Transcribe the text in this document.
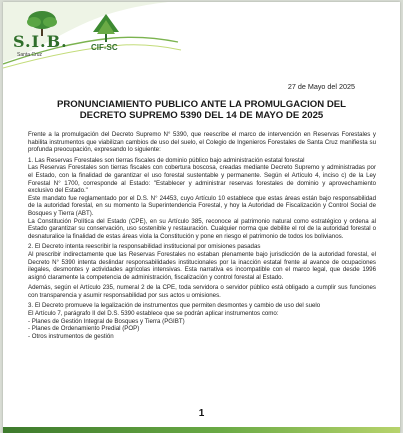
S.I.B.
Santa Cruz
CIF-SC
27 de Mayo del 2025
PRONUNCIAMIENTO PUBLICO ANTE LA PROMULGACION DEL
DECRETO SUPREMO 5390 DEL 14 DE MAYO DE 2025

Frente a la promulgación del Decreto Supremo N° 5390, que reescribe el marco de intervención en Reservas Forestales y habilita instrumentos que viabilizan cambios de uso del suelo, el Colegio de Ingenieros Forestales de Santa Cruz manifiesta su profunda preocupación, expresando lo siguiente:

1. Las Reservas Forestales son tierras fiscales de dominio público bajo administración estatal forestal

Las Reservas Forestales son tierras fiscales con cobertura boscosa, creadas mediante Decreto Supremo y administradas por el Estado, con la finalidad de garantizar el uso forestal sustentable y permanente. Según el Artículo 4, inciso c) de la Ley Forestal N° 1700, corresponde al Estado: "Establecer y administrar reservas forestales de dominio y aprovechamiento exclusivo del Estado."

Este mandato fue reglamentado por el D.S. N° 24453, cuyo Artículo 10 establece que estas áreas están bajo responsabilidad de la autoridad forestal, en su momento la Superintendencia Forestal, y hoy la Autoridad de Fiscalización y Control Social de Bosques y Tierra (ABT).

La Constitución Política del Estado (CPE), en su Artículo 385, reconoce al patrimonio natural como estratégico y ordena al Estado garantizar su conservación, uso sostenible y restauración. Cualquier norma que debilite el rol de la autoridad forestal o desnaturalice la finalidad de estas áreas viola la Constitución y pone en riesgo el patrimonio de todos los bolivianos.

2. El Decreto intenta reescribir la responsabilidad institucional por omisiones pasadas

Al prescribir indirectamente que las Reservas Forestales no estaban plenamente bajo jurisdicción de la autoridad forestal, el Decreto N° 5390 intenta deslindar responsabilidades institucionales por la inacción estatal frente al avance de ocupaciones ilegales, desmontes y actividades agrícolas intensivas. Esta narrativa es incompatible con el marco legal, que desde 1996 asignó claramente la competencia de administración, fiscalización y control forestal al Estado.

Además, según el Artículo 235, numeral 2 de la CPE, toda servidora o servidor público está obligado a cumplir sus funciones con transparencia y asumir responsabilidad por sus actos u omisiones.

3. El Decreto promueve la legalización de instrumentos que permiten desmontes y cambio de uso del suelo

El Artículo 7, parágrafo II del D.S. 5390 establece que se podrán aplicar instrumentos como:

- Planes de Gestión Integral de Bosques y Tierra (PGIBT)
- Planes de Ordenamiento Predial (POP)
- Otros instrumentos de gestión
1
